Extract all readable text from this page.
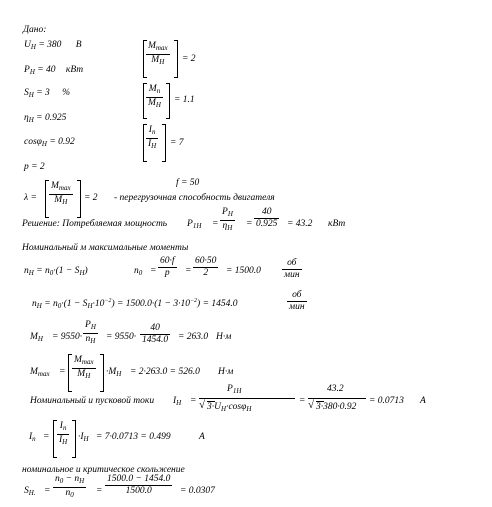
Дано:
$U_H = 380$ B
$P_H = 40$ кВт
$S_H = 3$ %
$\eta_H = 0.925$
cosφ$_H$ = 0.92
p = 2
$M_{max}$
$M_H$	= 2
$\frac{M_n}{M_H} = 1.1$
$\frac{I_n}{I_H} = 7$
f = 50
λ =
$M_{max}$
$M_H$	= 2 - перегрузочная способность двигателя
Решение: Потребляемая мощность $P_{1H} = \frac{P_H}{\eta_H} = \frac{40}{0.925} = 43.2$ кВт
Номинальный м максимальные моменты
$n_H = n_0\cdot(1 - S_H)$	$n_0 = \frac{60\cdot f}{p} = \frac{60\cdot 50}{2} = 1500.0$
об
мин
$n_H = n_0\cdot(1 - S_H\cdot 10^{-2}) = 1500.0\cdot(1 - 3\cdot 10^{-2}) = 1454.0$
об
мин
$M_H = 9550\cdot \frac{P_H}{n_H} = 9550\cdot \frac{40}{1454.0} = 263.0$ Н·м
$M_{max}$ =
$M_{max}$
$M_H$	$\cdot M_H = 2\cdot 263.0 = 526.0$ Н·м
Номинальный и пусковой токи $I_H$ =
$P_{1H}$
√ $3\cdot U_H\cdot\cos\varphi_H$
=
43.2
√ 3·380·0.92
= 0.0713 A
$I_n = \frac{I_n}{I_H} \cdot I_H = 7\cdot 0.0713 = 0.499$	A
номинальное и критическое скольжение
$S_{H.} = \frac{n_0 - n_H}{n_0} = \frac{1500.0 - 1454.0}{1500.0} = 0.0307$
